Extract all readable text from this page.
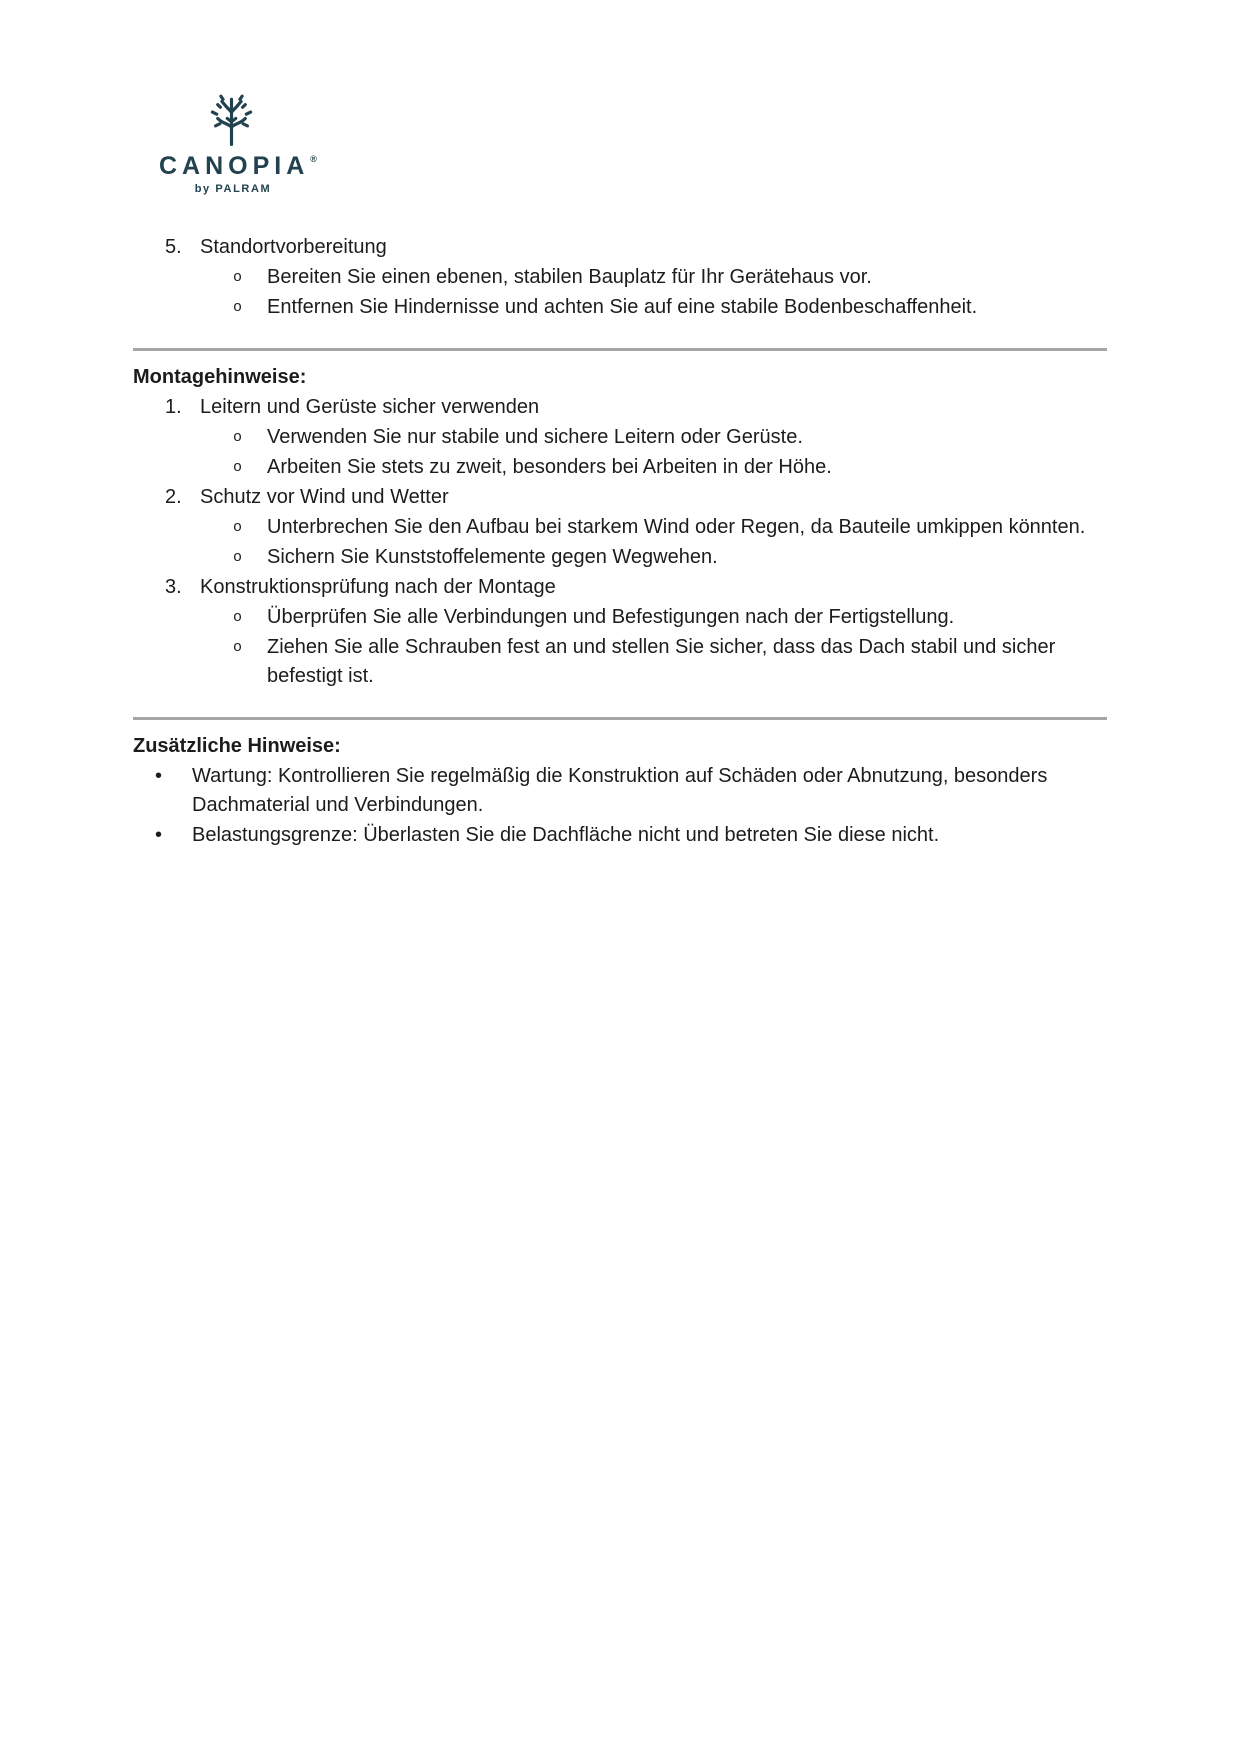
CANOPIA®
by PALRAM
5. Standortvorbereitung
o	Bereiten Sie einen ebenen, stabilen Bauplatz für Ihr Gerätehaus vor.
o	Entfernen Sie Hindernisse und achten Sie auf eine stabile Bodenbeschaffenheit.
Montagehinweise:
1. Leitern und Gerüste sicher verwenden
o	Verwenden Sie nur stabile und sichere Leitern oder Gerüste.
o	Arbeiten Sie stets zu zweit, besonders bei Arbeiten in der Höhe.
2. Schutz vor Wind und Wetter
o	Unterbrechen Sie den Aufbau bei starkem Wind oder Regen, da Bauteile umkippen könnten.
o	Sichern Sie Kunststoffelemente gegen Wegwehen.
3. Konstruktionsprüfung nach der Montage
o	Überprüfen Sie alle Verbindungen und Befestigungen nach der Fertigstellung.
o	Ziehen Sie alle Schrauben fest an und stellen Sie sicher, dass das Dach stabil und sicher befestigt ist.
Zusätzliche Hinweise:
•	Wartung: Kontrollieren Sie regelmäßig die Konstruktion auf Schäden oder Abnutzung, besonders Dachmaterial und Verbindungen.
•	Belastungsgrenze: Überlasten Sie die Dachfläche nicht und betreten Sie diese nicht.
